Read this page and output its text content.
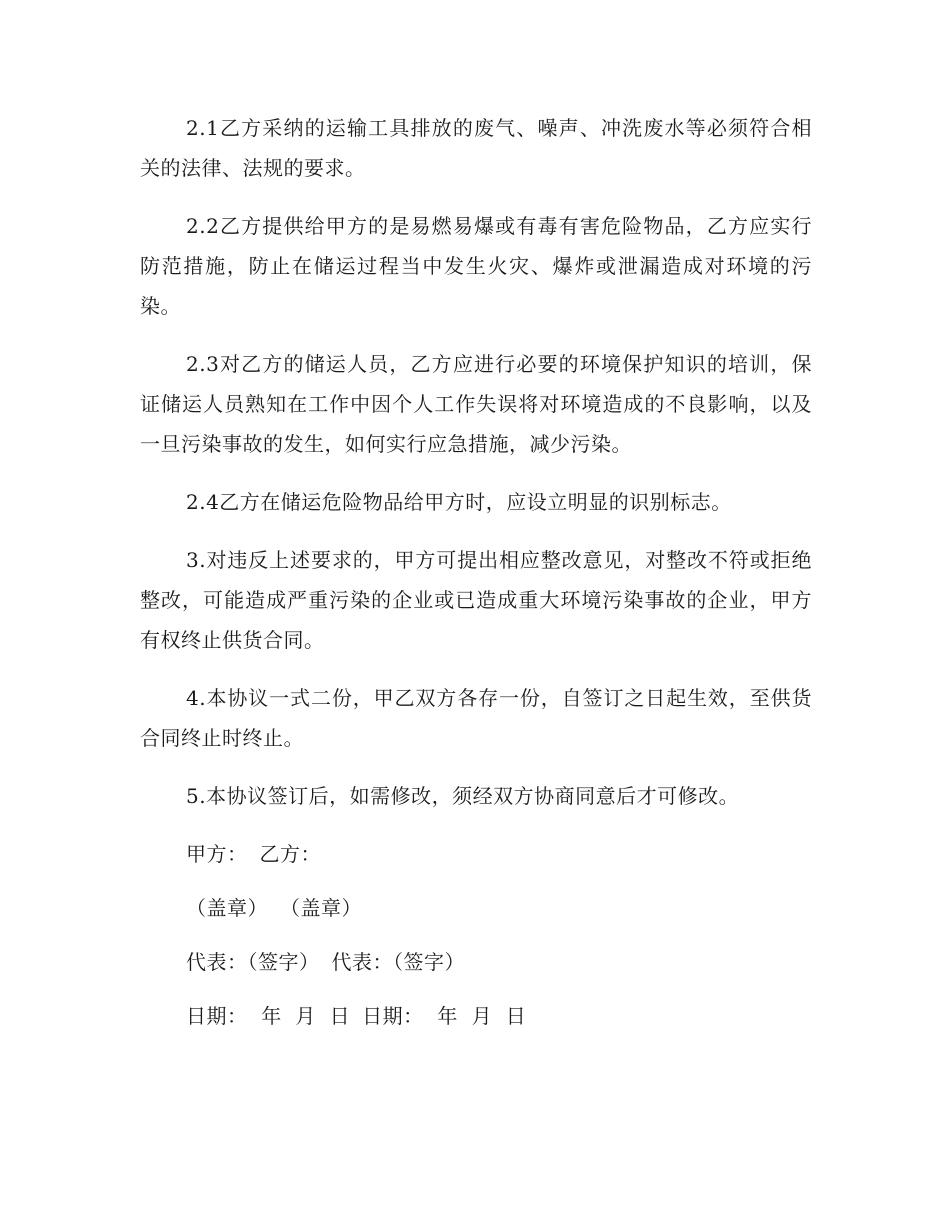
2.1乙方采纳的运输工具排放的废气、噪声、冲洗废水等必须符合相关的法律、法规的要求。

2.2乙方提供给甲方的是易燃易爆或有毒有害危险物品，乙方应实行防范措施，防止在储运过程当中发生火灾、爆炸或泄漏造成对环境的污染。

2.3对乙方的储运人员，乙方应进行必要的环境保护知识的培训，保证储运人员熟知在工作中因个人工作失误将对环境造成的不良影响，以及一旦污染事故的发生，如何实行应急措施，减少污染。

2.4乙方在储运危险物品给甲方时，应设立明显的识别标志。

3.对违反上述要求的，甲方可提出相应整改意见，对整改不符或拒绝整改，可能造成严重污染的企业或已造成重大环境污染事故的企业，甲方有权终止供货合同。

4.本协议一式二份，甲乙双方各存一份，自签订之日起生效，至供货合同终止时终止。

5.本协议签订后，如需修改，须经双方协商同意后才可修改。

甲方： 乙方：
（盖章） （盖章）
代表：（签字） 代表：（签字）
日期：  年  月  日 日期：  年  月  日
